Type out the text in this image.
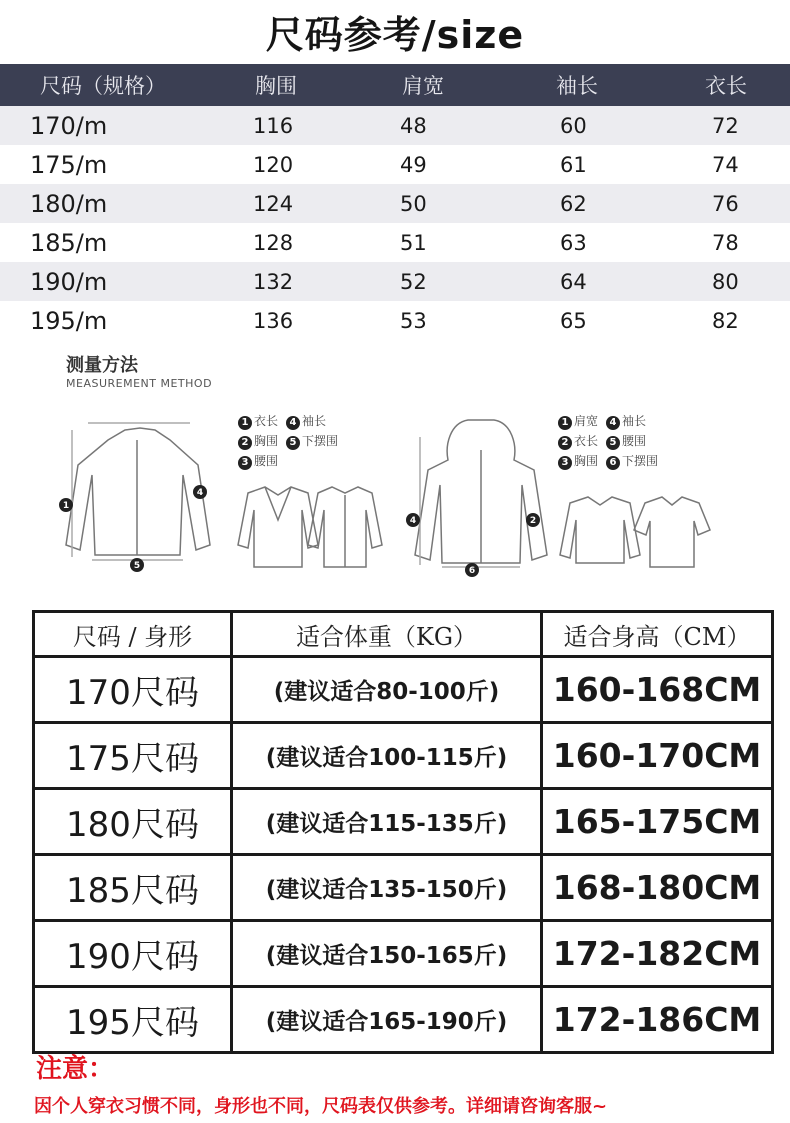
尺码参考/size
尺码（规格）	胸围	肩宽	袖长	衣长
170/m	116	48	60	72
175/m	120	49	61	74
180/m	124	50	62	76
185/m	128	51	63	78
190/m	132	52	64	80
195/m	136	53	65	82
1
4
5
4	2
6
测量方法
MEASUREMENT METHOD
1 衣长 4 袖长2 胸围 5 下摆围3 腰围
1 肩宽 4 袖长2 衣长 5 腰围3 胸围 6 下摆围
尺码 / 身形	适合体重（KG）	适合身高（CM）
170尺码	(建议适合80-100斤)	160-168CM
175尺码	(建议适合100-115斤)	160-170CM
180尺码	(建议适合115-135斤)	165-175CM
185尺码	(建议适合135-150斤)	168-180CM
190尺码	(建议适合150-165斤)	172-182CM
195尺码	(建议适合165-190斤)	172-186CM
注意：
因个人穿衣习惯不同，身形也不同，尺码表仅供参考。详细请咨询客服~
